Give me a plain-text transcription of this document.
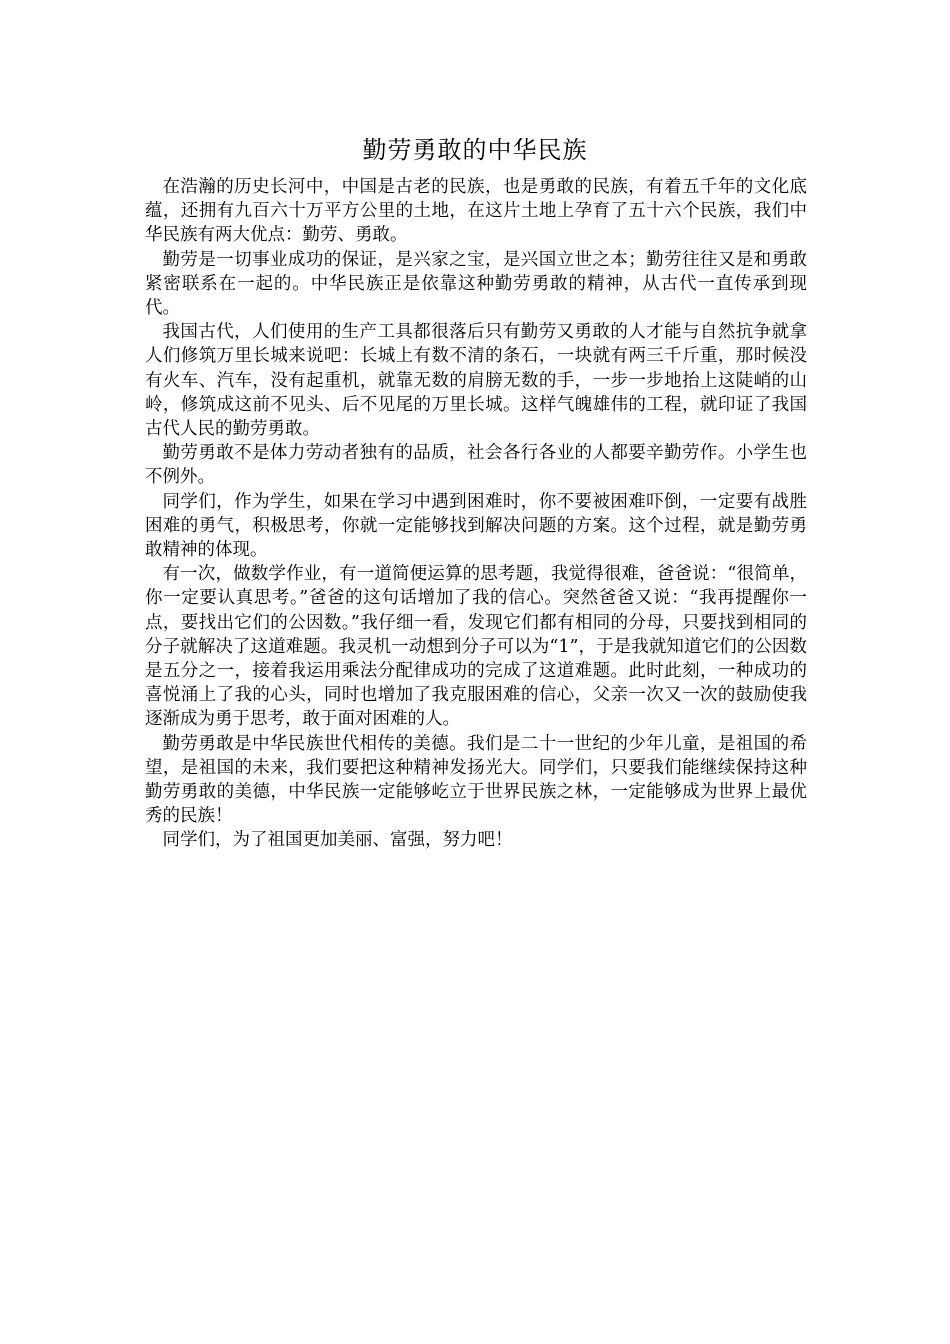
勤劳勇敢的中华民族

在浩瀚的历史长河中，中国是古老的民族，也是勇敢的民族，有着五千年的文化底蕴，还拥有九百六十万平方公里的土地，在这片土地上孕育了五十六个民族，我们中华民族有两大优点：勤劳、勇敢。

勤劳是一切事业成功的保证，是兴家之宝，是兴国立世之本；勤劳往往又是和勇敢紧密联系在一起的。中华民族正是依靠这种勤劳勇敢的精神，从古代一直传承到现代。

我国古代，人们使用的生产工具都很落后只有勤劳又勇敢的人才能与自然抗争就拿人们修筑万里长城来说吧：长城上有数不清的条石，一块就有两三千斤重，那时候没有火车、汽车，没有起重机，就靠无数的肩膀无数的手，一步一步地抬上这陡峭的山岭，修筑成这前不见头、后不见尾的万里长城。这样气魄雄伟的工程，就印证了我国古代人民的勤劳勇敢。

勤劳勇敢不是体力劳动者独有的品质，社会各行各业的人都要辛勤劳作。小学生也不例外。

同学们，作为学生，如果在学习中遇到困难时，你不要被困难吓倒，一定要有战胜困难的勇气，积极思考，你就一定能够找到解决问题的方案。这个过程，就是勤劳勇敢精神的体现。

有一次，做数学作业，有一道简便运算的思考题，我觉得很难，爸爸说：“很简单，你一定要认真思考。”爸爸的这句话增加了我的信心。突然爸爸又说：“我再提醒你一点，要找出它们的公因数。”我仔细一看，发现它们都有相同的分母，只要找到相同的分子就解决了这道难题。我灵机一动想到分子可以为“1”，于是我就知道它们的公因数是五分之一，接着我运用乘法分配律成功的完成了这道难题。此时此刻，一种成功的喜悦涌上了我的心头，同时也增加了我克服困难的信心，父亲一次又一次的鼓励使我逐渐成为勇于思考，敢于面对困难的人。

勤劳勇敢是中华民族世代相传的美德。我们是二十一世纪的少年儿童，是祖国的希望，是祖国的未来，我们要把这种精神发扬光大。同学们，只要我们能继续保持这种勤劳勇敢的美德，中华民族一定能够屹立于世界民族之林，一定能够成为世界上最优秀的民族！

同学们，为了祖国更加美丽、富强，努力吧！
